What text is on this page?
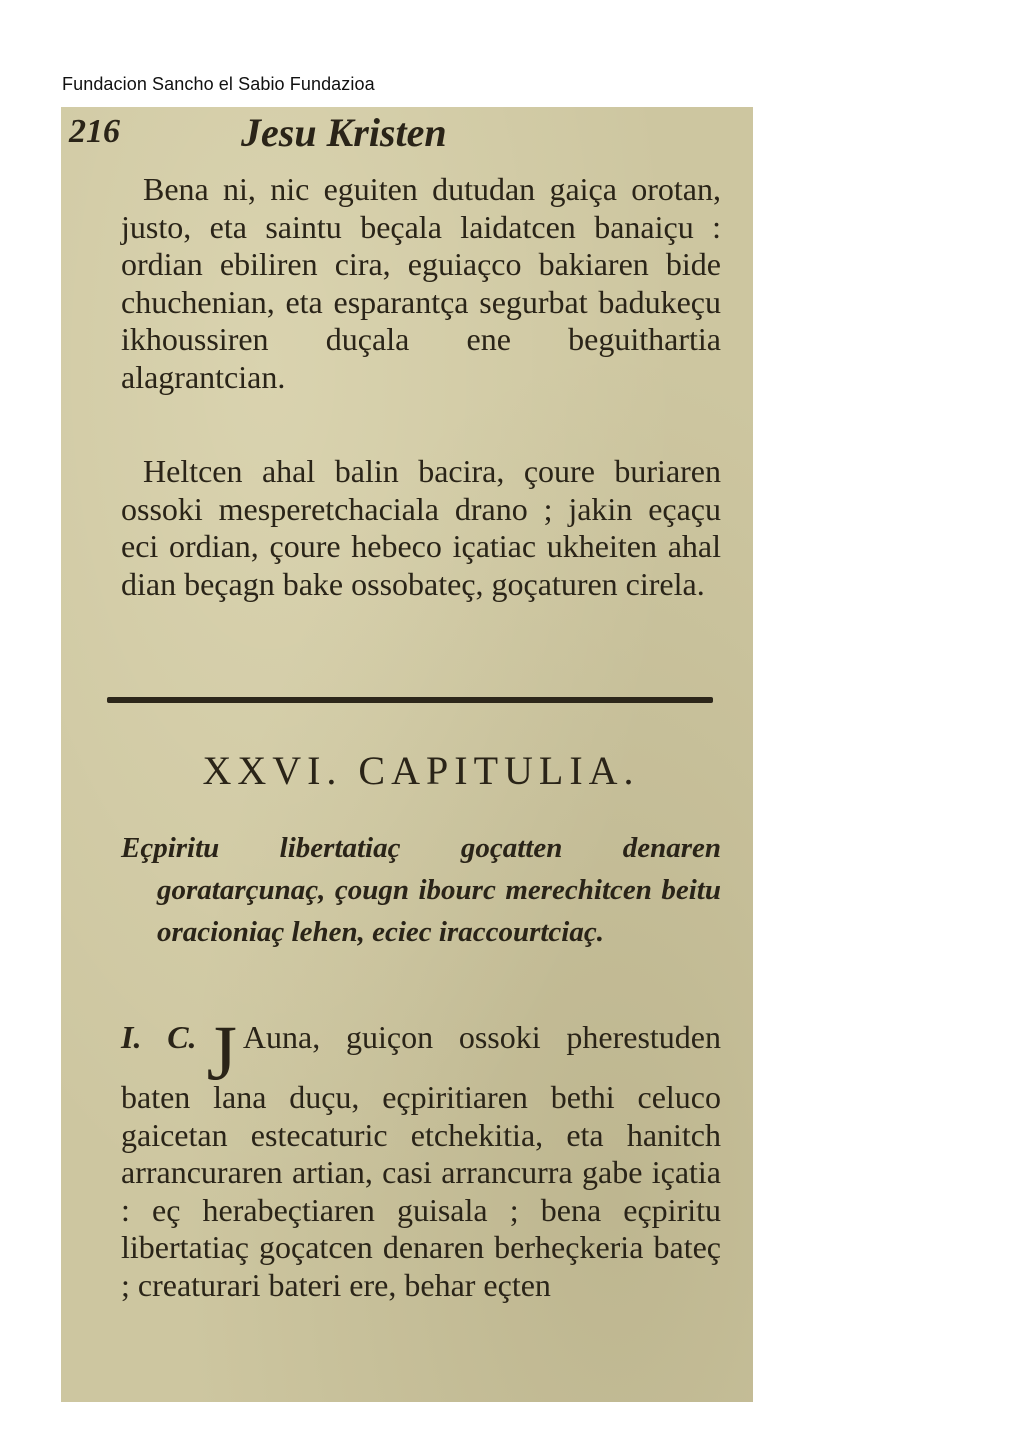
Fundacion Sancho el Sabio Fundazioa
216	Jesu Kristen

Bena ni, nic eguiten dutudan gaiça orotan, justo, eta saintu beçala laidatcen banaiçu : ordian ebiliren cira, eguiaçco bakiaren bide chuchenian, eta esparantça segurbat badukeçu ikhoussiren duçala ene beguithartia alagrantcian.

Heltcen ahal balin bacira, çoure buriaren ossoki mesperetchaciala drano ; jakin eçaçu eci ordian, çoure hebeco içatiac ukheiten ahal dian beçagn bake ossobateç, goçaturen cirela.

XXVI. CAPITULIA.

Eçpiritu libertatiaç goçatten denaren goratarçunaç, çougn ibourc merechitcen beitu oracioniaç lehen, eciec iraccourtciaç.

I. C. J Auna, guiçon ossoki pherestuden baten lana duçu, eçpiritiaren bethi celuco gaicetan estecaturic etchekitia, eta hanitch arrancuraren artian, casi arrancurra gabe içatia : eç herabeçtiaren guisala ; bena eçpiritu libertatiaç goçatcen denaren berheçkeria bateç ; creaturari bateri ere, behar eçten
